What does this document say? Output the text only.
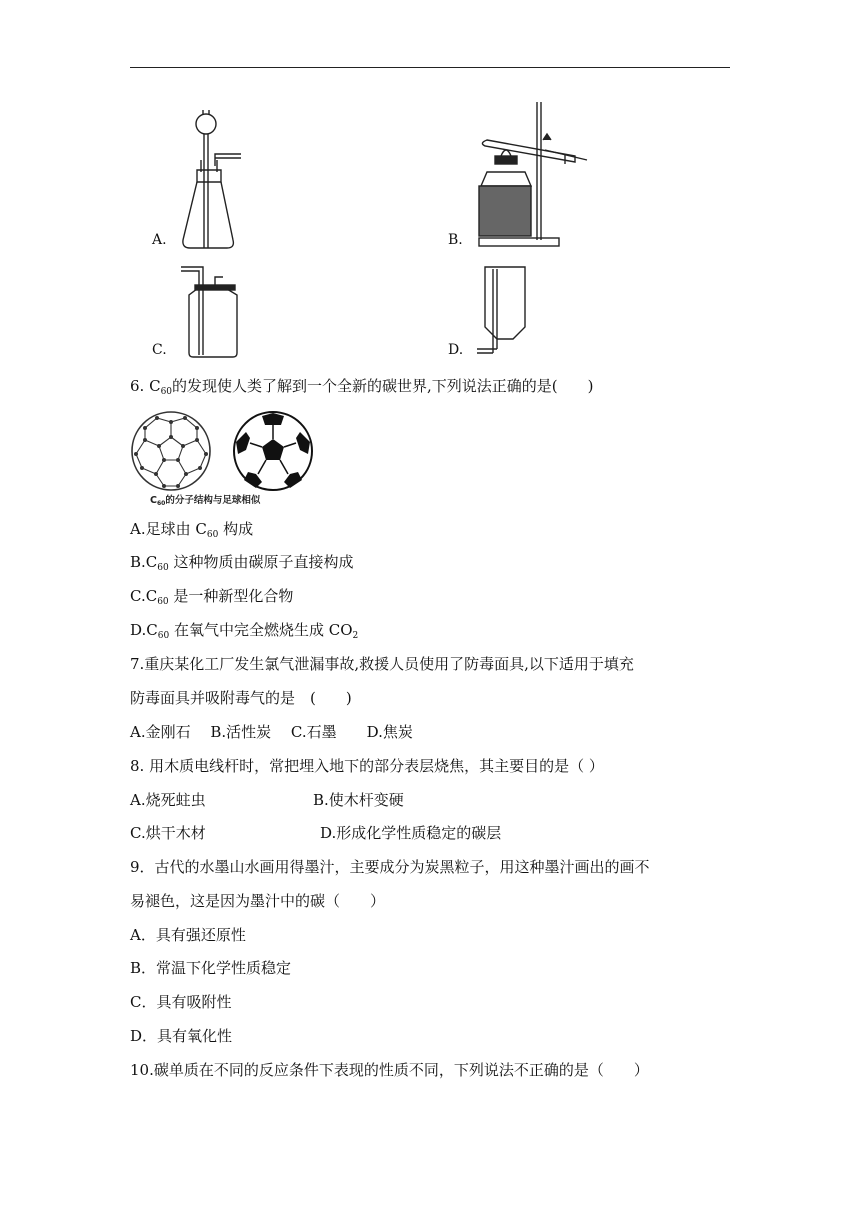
A.	B.
C.	D.
6. $C_{60}$的发现使人类了解到一个全新的碳世界,下列说法正确的是(　　)
$C_{60}$的分子结构与足球相似
A.足球由 $C_{60}$ 构成
$B.C_{60}$ 这种物质由碳原子直接构成
$C.C_{60}$ 是一种新型化合物
$D.C_{60}$ 在氧气中完全燃烧生成 $CO_2$
7.重庆某化工厂发生氯气泄漏事故,救援人员使用了防毒面具,以下适用于填充
防毒面具并吸附毒气的是　(　　)
A.金刚石　 B.活性炭　 C.石墨　　D.焦炭
8. 用木质电线杆时，常把埋入地下的部分表层烧焦，其主要目的是（ ）
A.烧死蛀虫	B.使木杆变硬
C.烘干木材	D.形成化学性质稳定的碳层
9．古代的水墨山水画用得墨汁，主要成分为炭黑粒子，用这种墨汁画出的画不
易褪色，这是因为墨汁中的碳（　　）
A．具有强还原性
B．常温下化学性质稳定
C．具有吸附性
D．具有氧化性
10.碳单质在不同的反应条件下表现的性质不同，下列说法不正确的是（　　）
